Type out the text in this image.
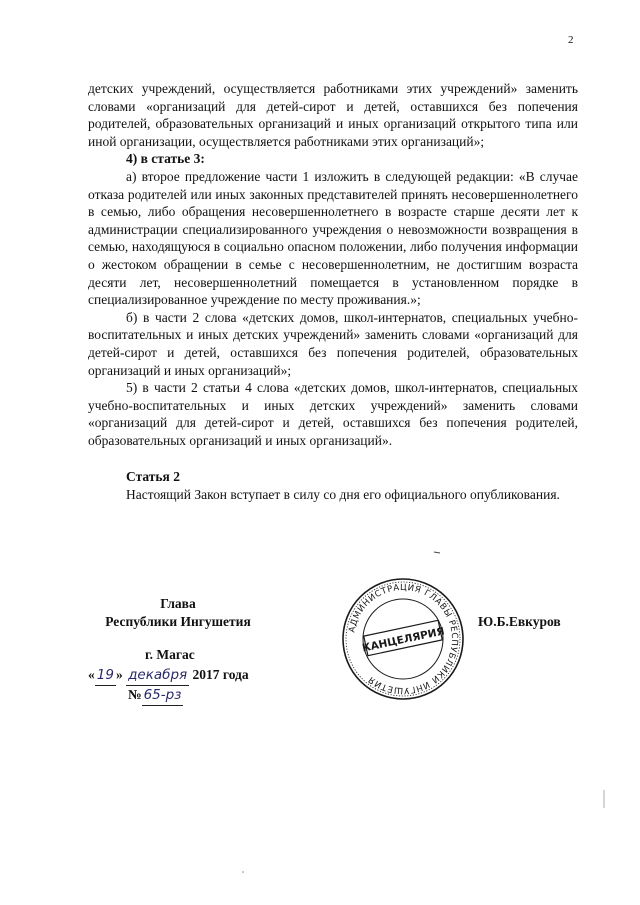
2

детских учреждений, осуществляется работниками этих учреждений» заменить словами «организаций для детей-сирот и детей, оставшихся без попечения родителей, образовательных организаций и иных организаций открытого типа или иной организации, осуществляется работниками этих организаций»;

4) в статье 3:

а) второе предложение части 1 изложить в следующей редакции: «В случае отказа родителей или иных законных представителей принять несовершеннолетнего в семью, либо обращения несовершеннолетнего в возрасте старше десяти лет к администрации специализированного учреждения о невозможности возвращения в семью, находящуюся в социально опасном положении, либо получения информации о жестоком обращении в семье с несовершеннолетним, не достигшим возраста десяти лет, несовершеннолетний помещается в установленном порядке в специализированное учреждение по месту проживания.»;

б) в части 2 слова «детских домов, школ-интернатов, специальных учебно-воспитательных и иных детских учреждений» заменить словами «организаций для детей-сирот и детей, оставшихся без попечения родителей, образовательных организаций и иных организаций»;

5) в части 2 статьи 4 слова «детских домов, школ-интернатов, специальных учебно-воспитательных и иных детских учреждений» заменить словами «организаций для детей-сирот и детей, оставшихся без попечения родителей, образовательных организаций и иных организаций».

Статья 2

Настоящий Закон вступает в силу со дня его официального опубликования.

Глава
Республики Ингушетия	Ю.Б.Евкуров
АДМИНИСТРАЦИЯ ГЛАВЫ РЕСПУБЛИКИ ИНГУШЕТИЯ
КАНЦЕЛЯРИЯ
г. Магас
« 19 » декабря 2017 года
№ 65-рз
